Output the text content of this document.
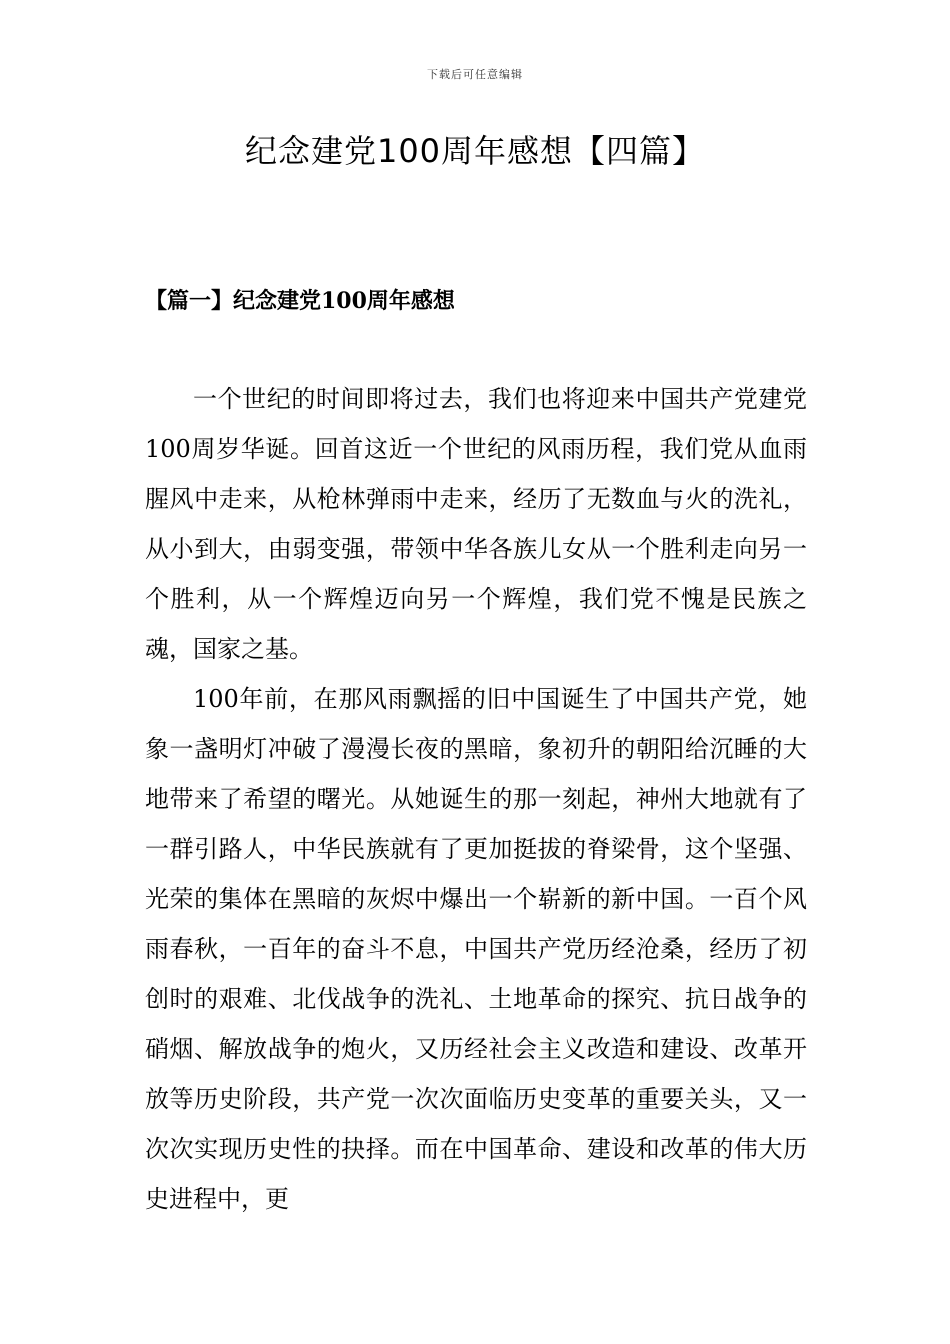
下载后可任意编辑
纪念建党100周年感想【四篇】
【篇一】纪念建党100周年感想

一个世纪的时间即将过去，我们也将迎来中国共产党建党100周岁华诞。回首这近一个世纪的风雨历程，我们党从血雨腥风中走来，从枪林弹雨中走来，经历了无数血与火的洗礼，从小到大，由弱变强，带领中华各族儿女从一个胜利走向另一个胜利，从一个辉煌迈向另一个辉煌，我们党不愧是民族之魂，国家之基。

100年前，在那风雨飘摇的旧中国诞生了中国共产党，她象一盏明灯冲破了漫漫长夜的黑暗，象初升的朝阳给沉睡的大地带来了希望的曙光。从她诞生的那一刻起，神州大地就有了一群引路人，中华民族就有了更加挺拔的脊梁骨，这个坚强、光荣的集体在黑暗的灰烬中爆出一个崭新的新中国。一百个风雨春秋，一百年的奋斗不息，中国共产党历经沧桑，经历了初创时的艰难、北伐战争的洗礼、土地革命的探究、抗日战争的硝烟、解放战争的炮火，又历经社会主义改造和建设、改革开放等历史阶段，共产党一次次面临历史变革的重要关头，又一次次实现历史性的抉择。而在中国革命、建设和改革的伟大历史进程中，更
